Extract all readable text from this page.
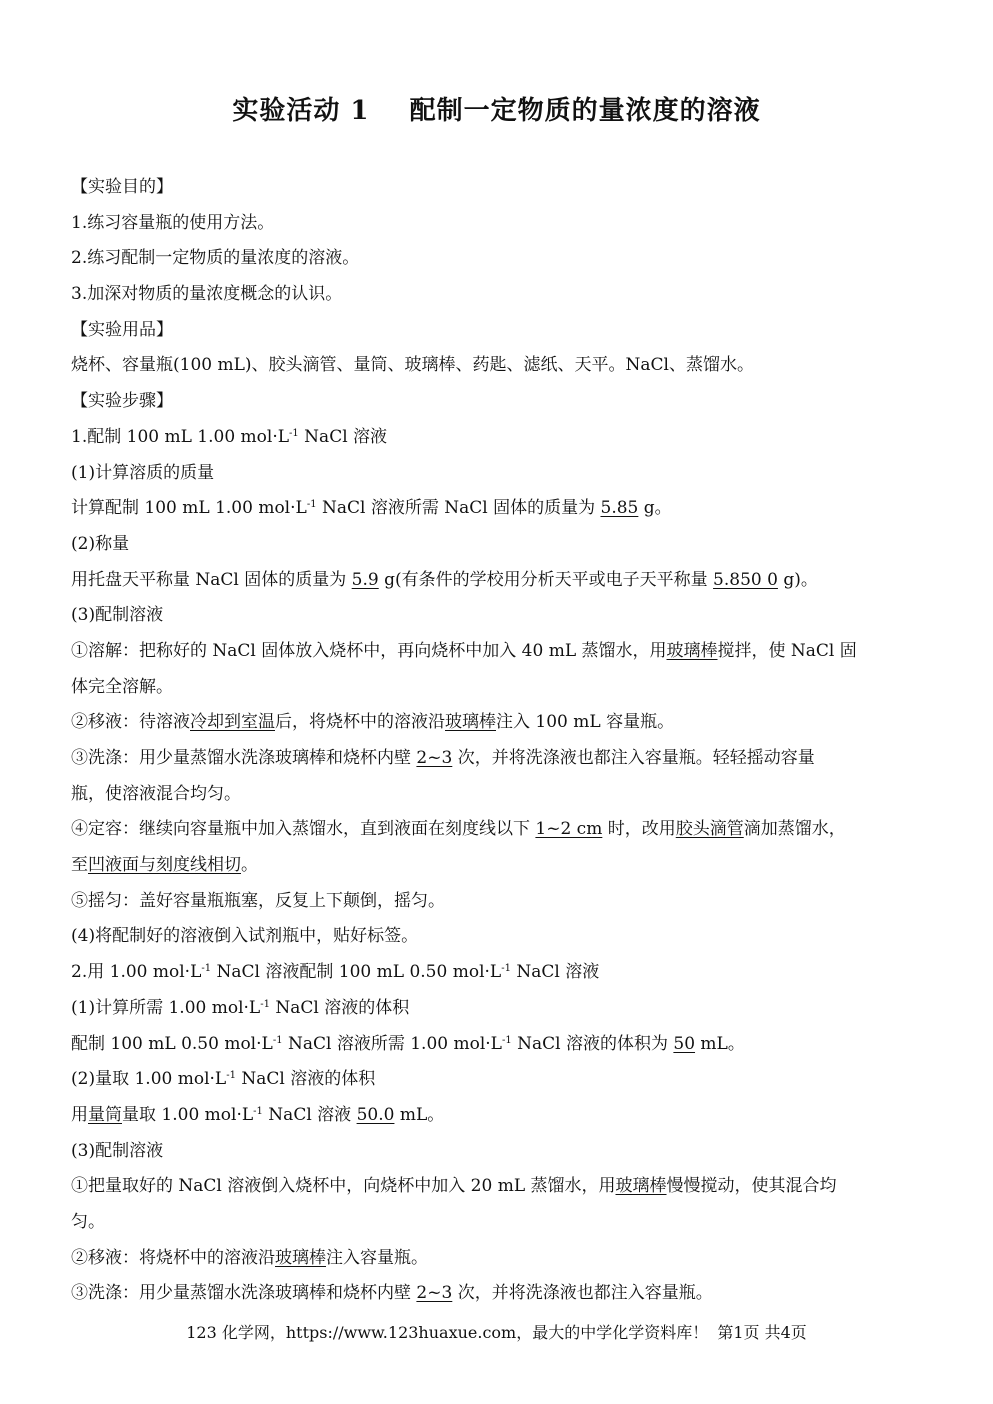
实验活动 1    配制一定物质的量浓度的溶液
【实验目的】
1.练习容量瓶的使用方法。
2.练习配制一定物质的量浓度的溶液。
3.加深对物质的量浓度概念的认识。
【实验用品】
烧杯、容量瓶(100 mL)、胶头滴管、量筒、玻璃棒、药匙、滤纸、天平。NaCl、蒸馏水。
【实验步骤】
1.配制 100 mL 1.00 $mol\cdot L^{-1}$ NaCl 溶液
(1)计算溶质的质量
计算配制 100 mL 1.00 $mol\cdot L^{-1}$ NaCl 溶液所需 NaCl 固体的质量为 5.85 g。
(2)称量
用托盘天平称量 NaCl 固体的质量为 5.9 g(有条件的学校用分析天平或电子天平称量 5.850 0 g)。
(3)配制溶液
①溶解：把称好的 NaCl 固体放入烧杯中，再向烧杯中加入 40 mL 蒸馏水，用玻璃棒搅拌，使 NaCl 固
体完全溶解。
②移液：待溶液冷却到室温后，将烧杯中的溶液沿玻璃棒注入 100 mL 容量瓶。
③洗涤：用少量蒸馏水洗涤玻璃棒和烧杯内壁 2~3 次，并将洗涤液也都注入容量瓶。轻轻摇动容量
瓶，使溶液混合均匀。
④定容：继续向容量瓶中加入蒸馏水，直到液面在刻度线以下 1~2 cm 时，改用胶头滴管滴加蒸馏水，
至凹液面与刻度线相切。
⑤摇匀：盖好容量瓶瓶塞，反复上下颠倒，摇匀。
(4)将配制好的溶液倒入试剂瓶中，贴好标签。
2.用 1.00 $mol\cdot L^{-1}$ NaCl 溶液配制 100 mL 0.50 $mol\cdot L^{-1}$ NaCl 溶液
(1)计算所需 1.00 $mol\cdot L^{-1}$ NaCl 溶液的体积
配制 100 mL 0.50 $mol\cdot L^{-1}$ NaCl 溶液所需 1.00 $mol\cdot L^{-1}$ NaCl 溶液的体积为 50 mL。
(2)量取 1.00 $mol\cdot L^{-1}$ NaCl 溶液的体积
用量筒量取 1.00 $mol\cdot L^{-1}$ NaCl 溶液 50.0 mL。
(3)配制溶液
①把量取好的 NaCl 溶液倒入烧杯中，向烧杯中加入 20 mL 蒸馏水，用玻璃棒慢慢搅动，使其混合均
匀。
②移液：将烧杯中的溶液沿玻璃棒注入容量瓶。
③洗涤：用少量蒸馏水洗涤玻璃棒和烧杯内壁 2~3 次，并将洗涤液也都注入容量瓶。
123 化学网，https://www.123huaxue.com，最大的中学化学资料库！ 第1页 共4页
